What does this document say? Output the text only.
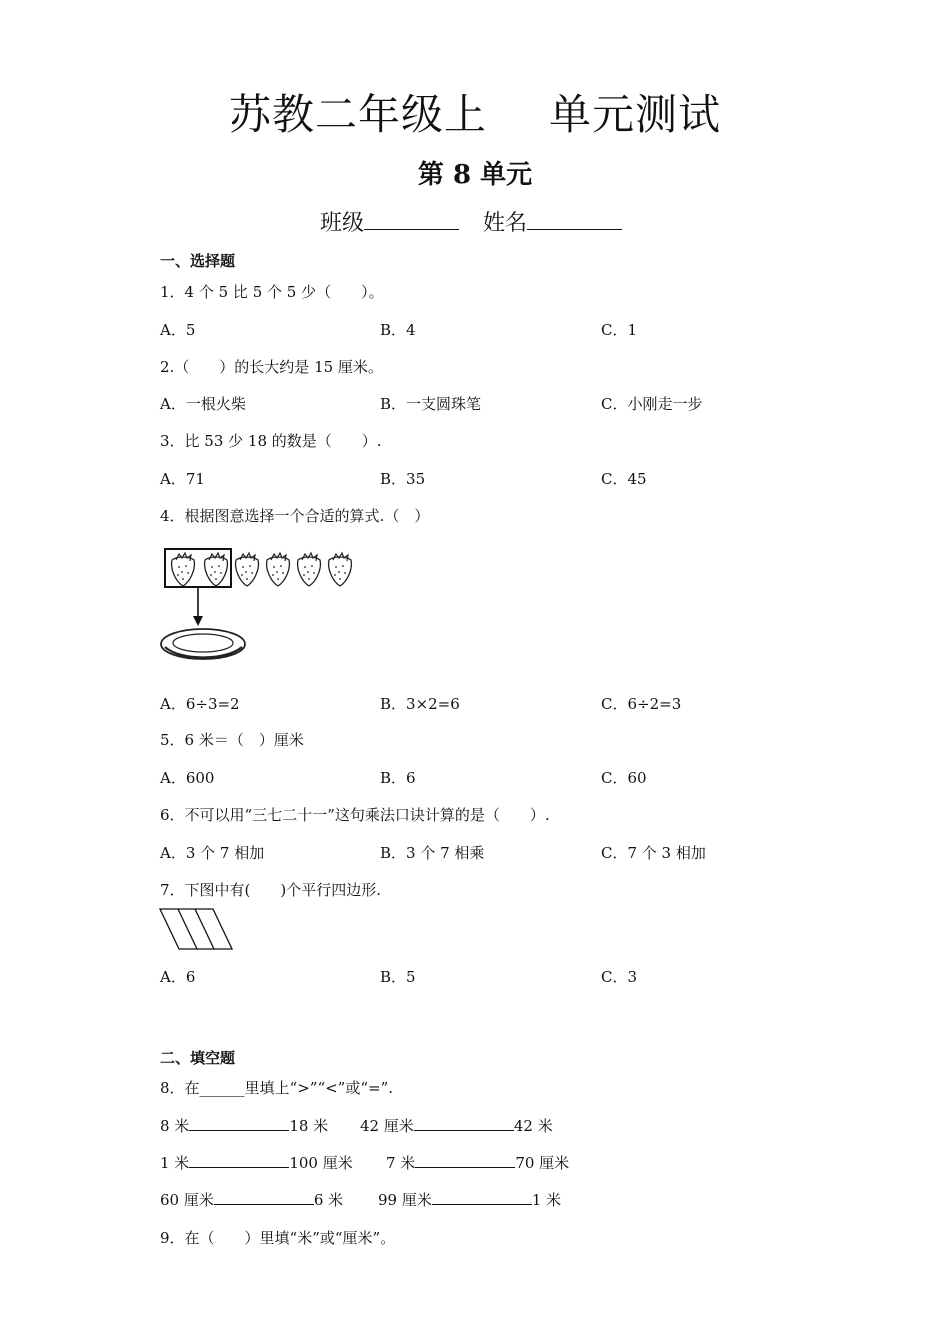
苏教二年级上 单元测试
第 8 单元
班级	姓名
一、选择题
1．4 个 5 比 5 个 5 少（　　）。
A．5	B．4	C．1
2.（　　）的长大约是 15 厘米。
A．一根火柴	B．一支圆珠笔	C．小刚走一步
3．比 53 少 18 的数是（　　）.
A．71	B．35	C．45
4．根据图意选择一个合适的算式.（　）
A．6÷3=2	B．3×2=6	C．6÷2=3
5．6 米＝（　）厘米
A．600	B．6	C．60
6．不可以用“三七二十一”这句乘法口诀计算的是（　　）.
A．3 个 7 相加	B．3 个 7 相乘	C．7 个 3 相加
7．下图中有(　　)个平行四边形.
A．6	B．5	C．3
二、填空题
8．在______里填上“>”“<”或“=”.
8 米	18 米 42 厘米	42 米
1 米	100 厘米 7 米	70 厘米
60 厘米	6 米 99 厘米	1 米
9．在（　　）里填“米”或“厘米”。
